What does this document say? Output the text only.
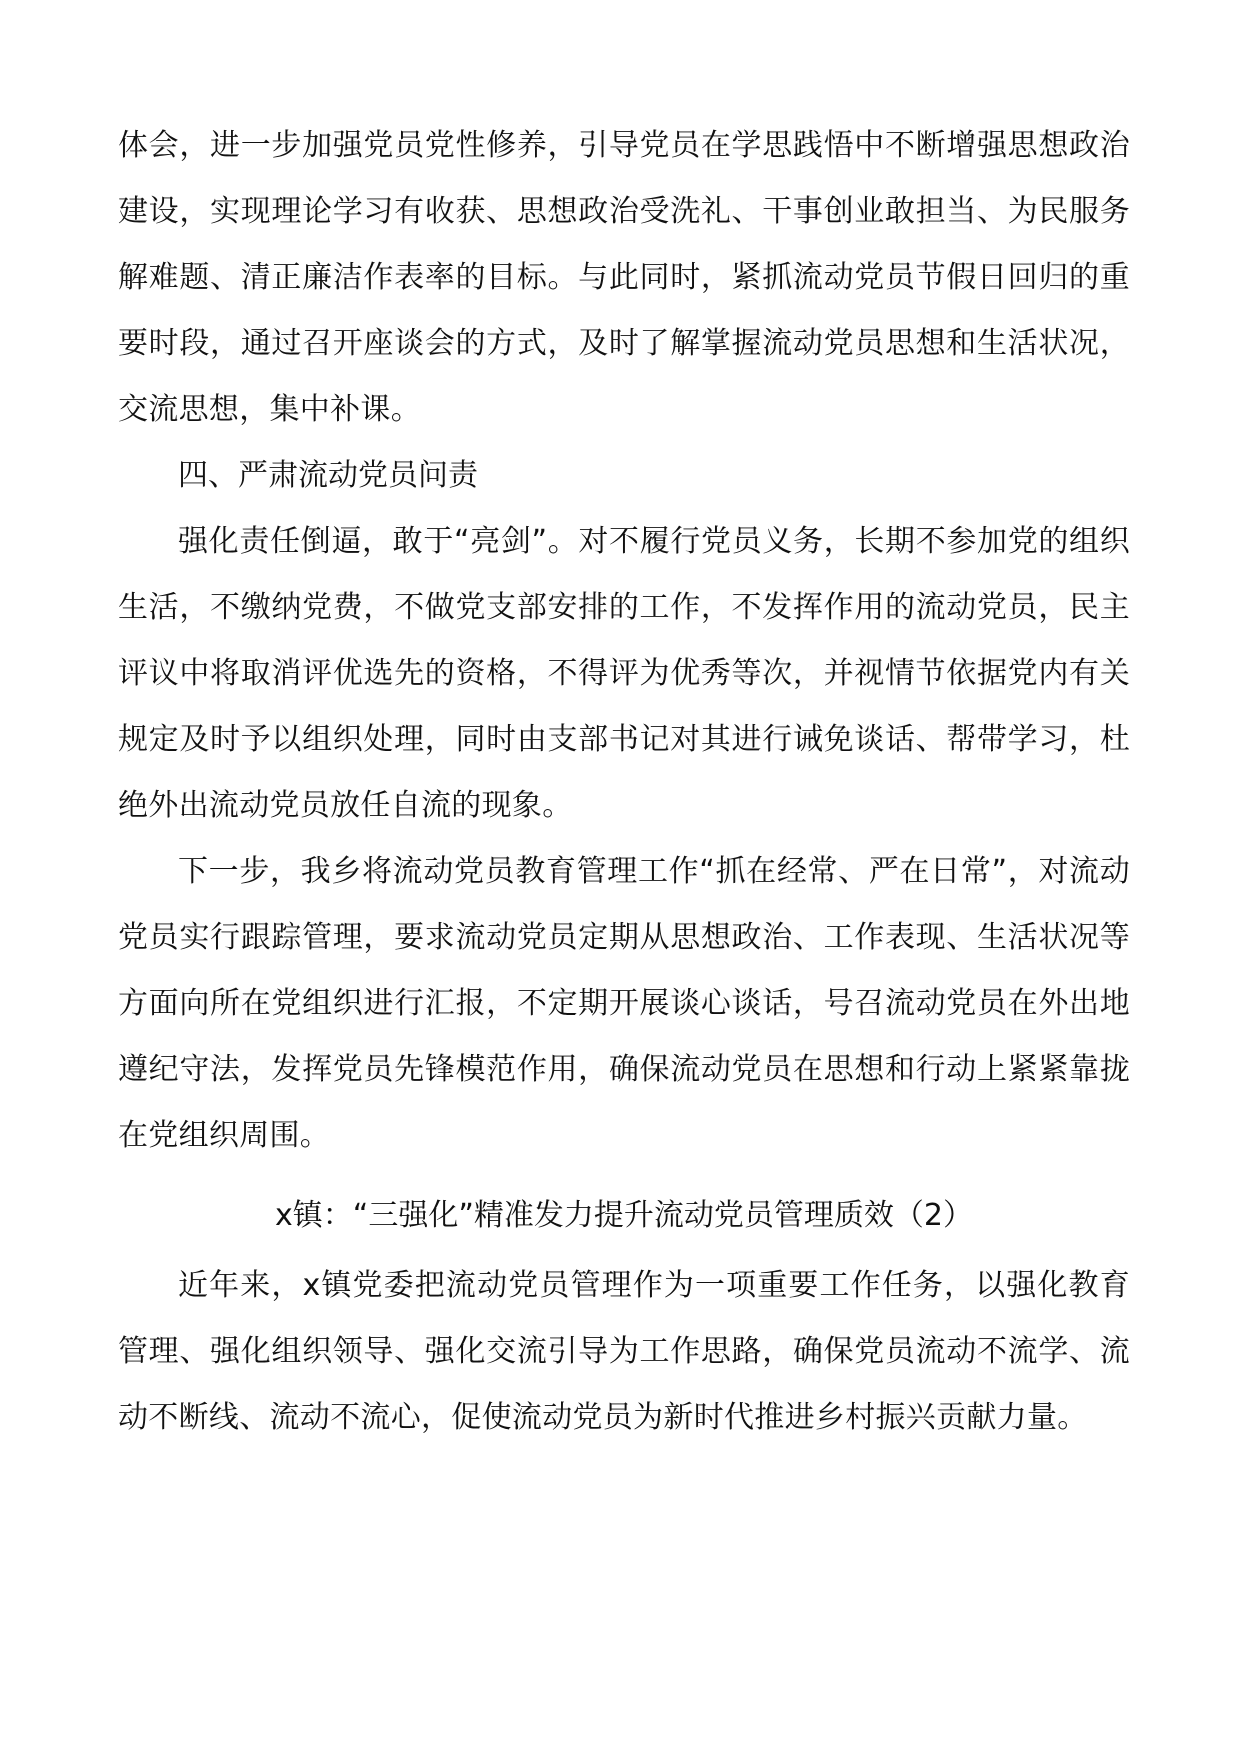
体会，进一步加强党员党性修养，引导党员在学思践悟中不断增强思想政治建设，实现理论学习有收获、思想政治受洗礼、干事创业敢担当、为民服务解难题、清正廉洁作表率的目标。与此同时，紧抓流动党员节假日回归的重要时段，通过召开座谈会的方式，及时了解掌握流动党员思想和生活状况，交流思想，集中补课。

四、严肃流动党员问责

强化责任倒逼，敢于“亮剑”。对不履行党员义务，长期不参加党的组织生活，不缴纳党费，不做党支部安排的工作，不发挥作用的流动党员，民主评议中将取消评优选先的资格，不得评为优秀等次，并视情节依据党内有关规定及时予以组织处理，同时由支部书记对其进行诫免谈话、帮带学习，杜绝外出流动党员放任自流的现象。

下一步，我乡将流动党员教育管理工作“抓在经常、严在日常”，对流动党员实行跟踪管理，要求流动党员定期从思想政治、工作表现、生活状况等方面向所在党组织进行汇报，不定期开展谈心谈话，号召流动党员在外出地遵纪守法，发挥党员先锋模范作用，确保流动党员在思想和行动上紧紧靠拢在党组织周围。

x镇：“三强化”精准发力提升流动党员管理质效（2）

近年来，x镇党委把流动党员管理作为一项重要工作任务，以强化教育管理、强化组织领导、强化交流引导为工作思路，确保党员流动不流学、流动不断线、流动不流心，促使流动党员为新时代推进乡村振兴贡献力量。
